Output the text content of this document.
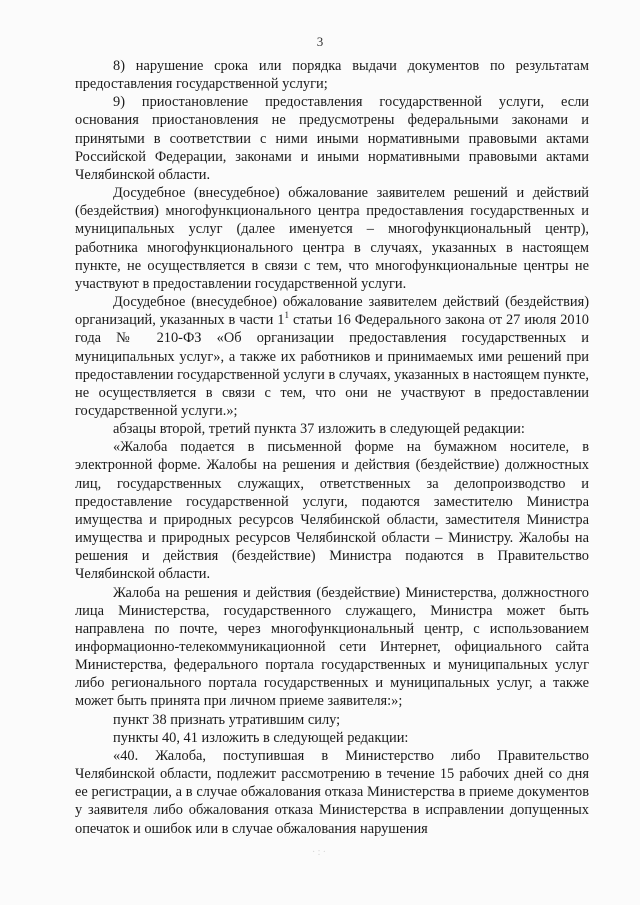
3

8) нарушение срока или порядка выдачи документов по результатам предоставления государственной услуги;

9) приостановление предоставления государственной услуги, если основания приостановления не предусмотрены федеральными законами и принятыми в соответствии с ними иными нормативными правовыми актами Российской Федерации, законами и иными нормативными правовыми актами Челябинской области.

Досудебное (внесудебное) обжалование заявителем решений и действий (бездействия) многофункционального центра предоставления государственных и муниципальных услуг (далее именуется – многофункциональный центр), работника многофункционального центра в случаях, указанных в настоящем пункте, не осуществляется в связи с тем, что многофункциональные центры не участвуют в предоставлении государственной услуги.

Досудебное (внесудебное) обжалование заявителем действий (бездействия) организаций, указанных в части $1^1$ статьи 16 Федерального закона от 27 июля 2010 года № 210-ФЗ «Об организации предоставления государственных и муниципальных услуг», а также их работников и принимаемых ими решений при предоставлении государственной услуги в случаях, указанных в настоящем пункте, не осуществляется в связи с тем, что они не участвуют в предоставлении государственной услуги.»;

абзацы второй, третий пункта 37 изложить в следующей редакции:

«Жалоба подается в письменной форме на бумажном носителе, в электронной форме. Жалобы на решения и действия (бездействие) должностных лиц, государственных служащих, ответственных за делопроизводство и предоставление государственной услуги, подаются заместителю Министра имущества и природных ресурсов Челябинской области, заместителя Министра имущества и природных ресурсов Челябинской области – Министру. Жалобы на решения и действия (бездействие) Министра подаются в Правительство Челябинской области.

Жалоба на решения и действия (бездействие) Министерства, должностного лица Министерства, государственного служащего, Министра может быть направлена по почте, через многофункциональный центр, с использованием информационно-телекоммуникационной сети Интернет, официального сайта Министерства, федерального портала государственных и муниципальных услуг либо регионального портала государственных и муниципальных услуг, а также может быть принята при личном приеме заявителя:»;

пункт 38 признать утратившим силу;

пункты 40, 41 изложить в следующей редакции:

«40. Жалоба, поступившая в Министерство либо Правительство Челябинской области, подлежит рассмотрению в течение 15 рабочих дней со дня ее регистрации, а в случае обжалования отказа Министерства в приеме документов у заявителя либо обжалования отказа Министерства в исправлении допущенных опечаток и ошибок или в случае обжалования нарушения

·:·
